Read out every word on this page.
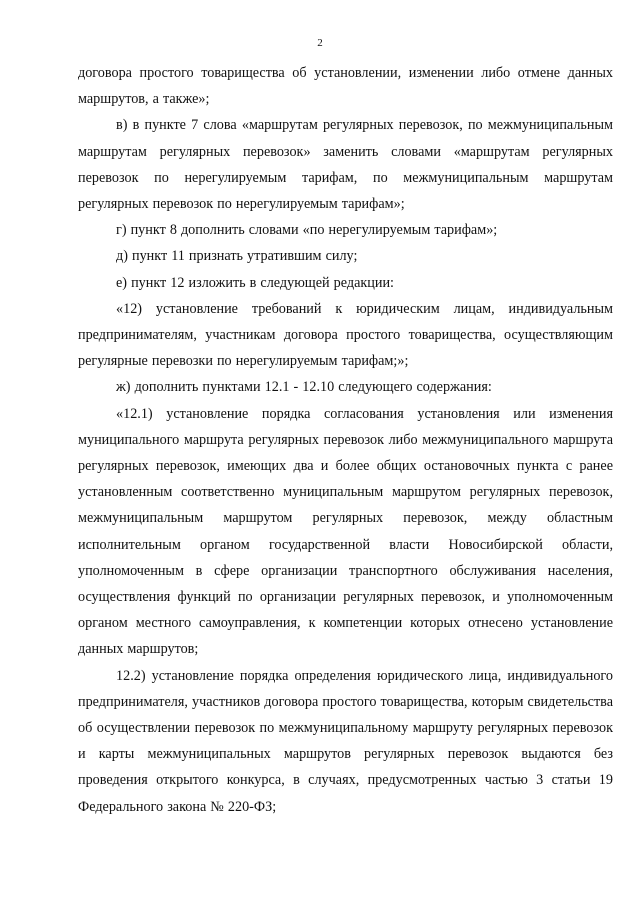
2

договора простого товарищества об установлении, изменении либо отмене данных маршрутов, а также»;

в) в пункте 7 слова «маршрутам регулярных перевозок, по межмуниципальным маршрутам регулярных перевозок» заменить словами «маршрутам регулярных перевозок по нерегулируемым тарифам, по межмуниципальным маршрутам регулярных перевозок по нерегулируемым тарифам»;

г) пункт 8 дополнить словами «по нерегулируемым тарифам»;

д) пункт 11 признать утратившим силу;

е) пункт 12 изложить в следующей редакции:

«12) установление требований к юридическим лицам, индивидуальным предпринимателям, участникам договора простого товарищества, осуществляющим регулярные перевозки по нерегулируемым тарифам;»;

ж) дополнить пунктами 12.1 - 12.10 следующего содержания:

«12.1) установление порядка согласования установления или изменения муниципального маршрута регулярных перевозок либо межмуниципального маршрута регулярных перевозок, имеющих два и более общих остановочных пункта с ранее установленным соответственно муниципальным маршрутом регулярных перевозок, межмуниципальным маршрутом регулярных перевозок, между областным исполнительным органом государственной власти Новосибирской области, уполномоченным в сфере организации транспортного обслуживания населения, осуществления функций по организации регулярных перевозок, и уполномоченным органом местного самоуправления, к компетенции которых отнесено установление данных маршрутов;

12.2) установление порядка определения юридического лица, индивидуального предпринимателя, участников договора простого товарищества, которым свидетельства об осуществлении перевозок по межмуниципальному маршруту регулярных перевозок и карты межмуниципальных маршрутов регулярных перевозок выдаются без проведения открытого конкурса, в случаях, предусмотренных частью 3 статьи 19 Федерального закона № 220-ФЗ;
